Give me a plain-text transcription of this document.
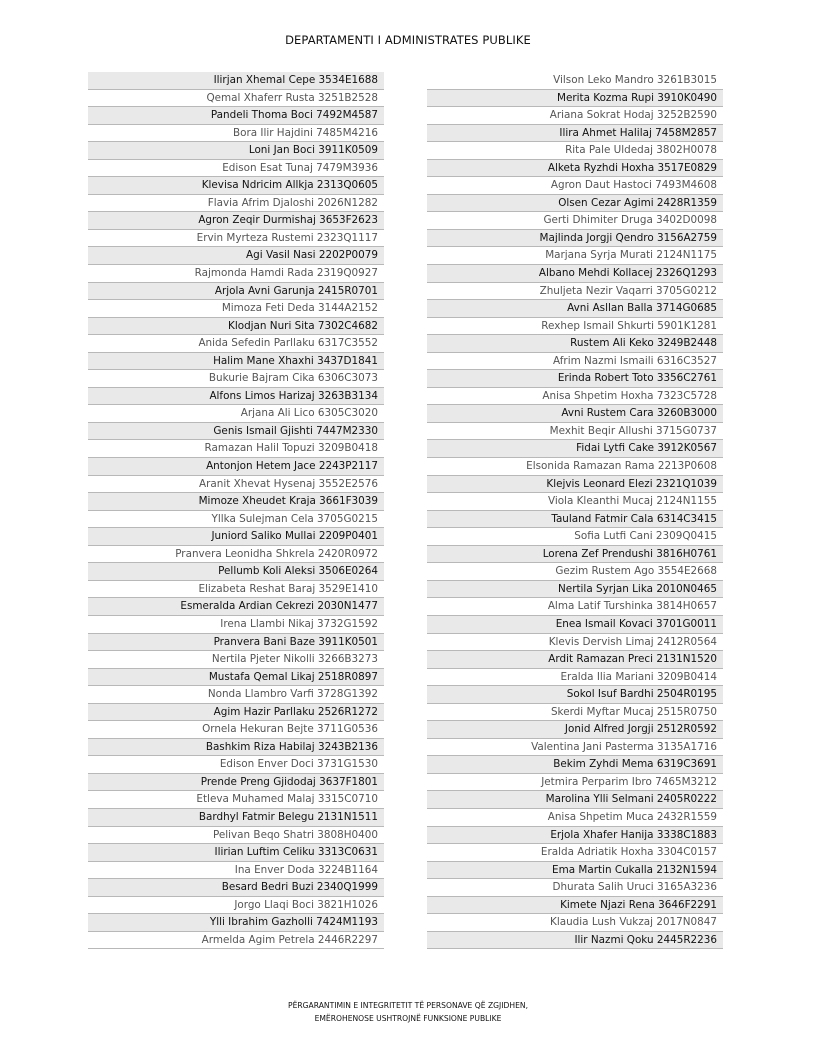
DEPARTAMENTI I ADMINISTRATES PUBLIKE
Ilirjan Xhemal Cepe 3534E1688
Qemal Xhaferr Rusta 3251B2528
Pandeli Thoma Boci 7492M4587
Bora Ilir Hajdini 7485M4216
Loni Jan Boci 3911K0509
Edison Esat Tunaj 7479M3936
Klevisa Ndricim Allkja 2313Q0605
Flavia Afrim Djaloshi 2026N1282
Agron Zeqir Durmishaj 3653F2623
Ervin Myrteza Rustemi 2323Q1117
Agi Vasil Nasi 2202P0079
Rajmonda Hamdi Rada 2319Q0927
Arjola Avni Garunja 2415R0701
Mimoza Feti Deda 3144A2152
Klodjan Nuri Sita 7302C4682
Anida Sefedin Parllaku 6317C3552
Halim Mane Xhaxhi 3437D1841
Bukurie Bajram Cika 6306C3073
Alfons Limos Harizaj 3263B3134
Arjana Ali Lico 6305C3020
Genis Ismail Gjishti 7447M2330
Ramazan Halil Topuzi 3209B0418
Antonjon Hetem Jace 2243P2117
Aranit Xhevat Hysenaj 3552E2576
Mimoze Xheudet Kraja 3661F3039
Yllka Sulejman Cela 3705G0215
Juniord Saliko Mullai 2209P0401
Pranvera Leonidha Shkrela 2420R0972
Pellumb Koli Aleksi 3506E0264
Elizabeta Reshat Baraj 3529E1410
Esmeralda Ardian Cekrezi 2030N1477
Irena Llambi Nikaj 3732G1592
Pranvera Bani Baze 3911K0501
Nertila Pjeter Nikolli 3266B3273
Mustafa Qemal Likaj 2518R0897
Nonda Llambro Varfi 3728G1392
Agim Hazir Parllaku 2526R1272
Ornela Hekuran Bejte 3711G0536
Bashkim Riza Habilaj 3243B2136
Edison Enver Doci 3731G1530
Prende Preng Gjidodaj 3637F1801
Etleva Muhamed Malaj 3315C0710
Bardhyl Fatmir Belegu 2131N1511
Pelivan Beqo Shatri 3808H0400
Ilirian Luftim Celiku 3313C0631
Ina Enver Doda 3224B1164
Besard Bedri Buzi 2340Q1999
Jorgo Llaqi Boci 3821H1026
Ylli Ibrahim Gazholli 7424M1193
Armelda Agim Petrela 2446R2297
Vilson Leko Mandro 3261B3015
Merita Kozma Rupi 3910K0490
Ariana Sokrat Hodaj 3252B2590
Ilira Ahmet Halilaj 7458M2857
Rita Pale Uldedaj 3802H0078
Alketa Ryzhdi Hoxha 3517E0829
Agron Daut Hastoci 7493M4608
Olsen Cezar Agimi 2428R1359
Gerti Dhimiter Druga 3402D0098
Majlinda Jorgji Qendro 3156A2759
Marjana Syrja Murati 2124N1175
Albano Mehdi Kollacej 2326Q1293
Zhuljeta Nezir Vaqarri 3705G0212
Avni Asllan Balla 3714G0685
Rexhep Ismail Shkurti 5901K1281
Rustem Ali Keko 3249B2448
Afrim Nazmi Ismaili 6316C3527
Erinda Robert Toto 3356C2761
Anisa Shpetim Hoxha 7323C5728
Avni Rustem Cara 3260B3000
Mexhit Beqir Allushi 3715G0737
Fidai Lytfi Cake 3912K0567
Elsonida Ramazan Rama 2213P0608
Klejvis Leonard Elezi 2321Q1039
Viola Kleanthi Mucaj 2124N1155
Tauland Fatmir Cala 6314C3415
Sofia Lutfi Cani 2309Q0415
Lorena Zef Prendushi 3816H0761
Gezim Rustem Ago 3554E2668
Nertila Syrjan Lika 2010N0465
Alma Latif Turshinka 3814H0657
Enea Ismail Kovaci 3701G0011
Klevis Dervish Limaj 2412R0564
Ardit Ramazan Preci 2131N1520
Eralda Ilia Mariani 3209B0414
Sokol Isuf Bardhi 2504R0195
Skerdi Myftar Mucaj 2515R0750
Jonid Alfred Jorgji 2512R0592
Valentina Jani Pasterma 3135A1716
Bekim Zyhdi Mema 6319C3691
Jetmira Perparim Ibro 7465M3212
Marolina Ylli Selmani 2405R0222
Anisa Shpetim Muca 2432R1559
Erjola Xhafer Hanija 3338C1883
Eralda Adriatik Hoxha 3304C0157
Ema Martin Cukalla 2132N1594
Dhurata Salih Uruci 3165A3236
Kimete Njazi Rena 3646F2291
Klaudia Lush Vukzaj 2017N0847
Ilir Nazmi Qoku 2445R2236
PËRGARANTIMIN E INTEGRITETIT TË PERSONAVE QË ZGJIDHEN,
EMËROHENOSE USHTROJNË FUNKSIONE PUBLIKE
